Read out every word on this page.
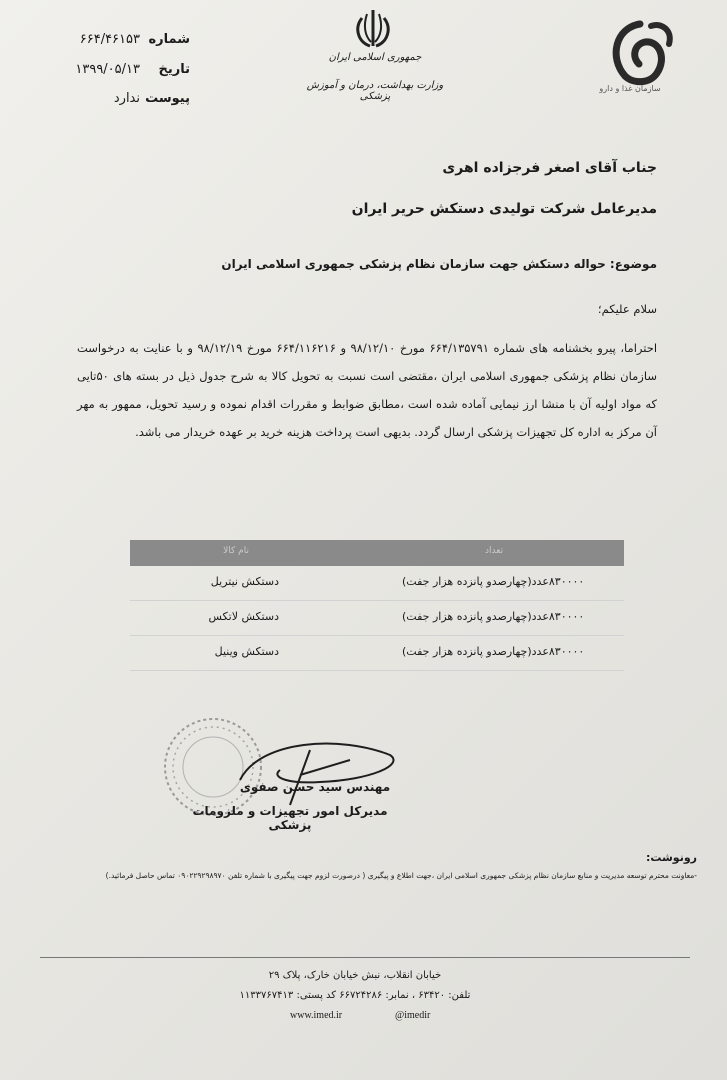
سازمان غذا و دارو
جمهوری اسلامی ایران
وزارت بهداشت، درمان و آموزش پزشکی
شماره
۶۶۴/۴۶۱۵۳
تاریخ
۱۳۹۹/۰۵/۱۳
پیوست
ندارد
جناب آقای اصغر فرجزاده اهری
مدیرعامل شرکت تولیدی دستکش حریر ایران
موضوع: حواله دستکش جهت سازمان نظام پزشکی جمهوری اسلامی ایران
سلام علیکم؛
احتراما، پیرو بخشنامه های شماره ۶۶۴/۱۳۵۷۹۱ مورخ ۹۸/۱۲/۱۰ و ۶۶۴/۱۱۶۲۱۶ مورخ ۹۸/۱۲/۱۹ و با عنایت به درخواست سازمان نظام پزشکی جمهوری اسلامی ایران ،مقتضی است نسبت به تحویل کالا به شرح جدول ذیل در بسته های ۵۰تایی که مواد اولیه آن با منشا ارز نیمایی آماده شده است ،مطابق ضوابط و مقررات اقدام نموده و رسید تحویل، ممهور به مهر آن مرکز به اداره کل تجهیزات پزشکی ارسال گردد. بدیهی است پرداخت هزینه خرید بر عهده خریدار می باشد.
نام کالا	تعداد
۸۳۰۰۰۰عدد(چهارصدو پانزده هزار جفت)
دستکش نیتریل
۸۳۰۰۰۰عدد(چهارصدو پانزده هزار جفت)
دستکش لاتکس
۸۳۰۰۰۰عدد(چهارصدو پانزده هزار جفت)
دستکش وینیل
مهندس سید حسن صفوی
مدیرکل امور تجهیزات و ملزومات پزشکی
رونوشت:
-معاونت محترم توسعه مدیریت و منابع سازمان نظام پزشکی جمهوری اسلامی ایران ،جهت اطلاع و پیگیری ( درصورت لزوم جهت پیگیری با شماره تلفن ۰۹۰۲۲۹۲۹۸۹۷۰ تماس حاصل فرمائید.)
خیابان انقلاب، نبش خیابان خارک، پلاک ۲۹
تلفن: ۶۳۴۲۰ ، نمابر: ۶۶۷۲۴۲۸۶ کد پستی: ۱۱۳۳۷۶۷۴۱۳
www.imed.ir	@imedir
